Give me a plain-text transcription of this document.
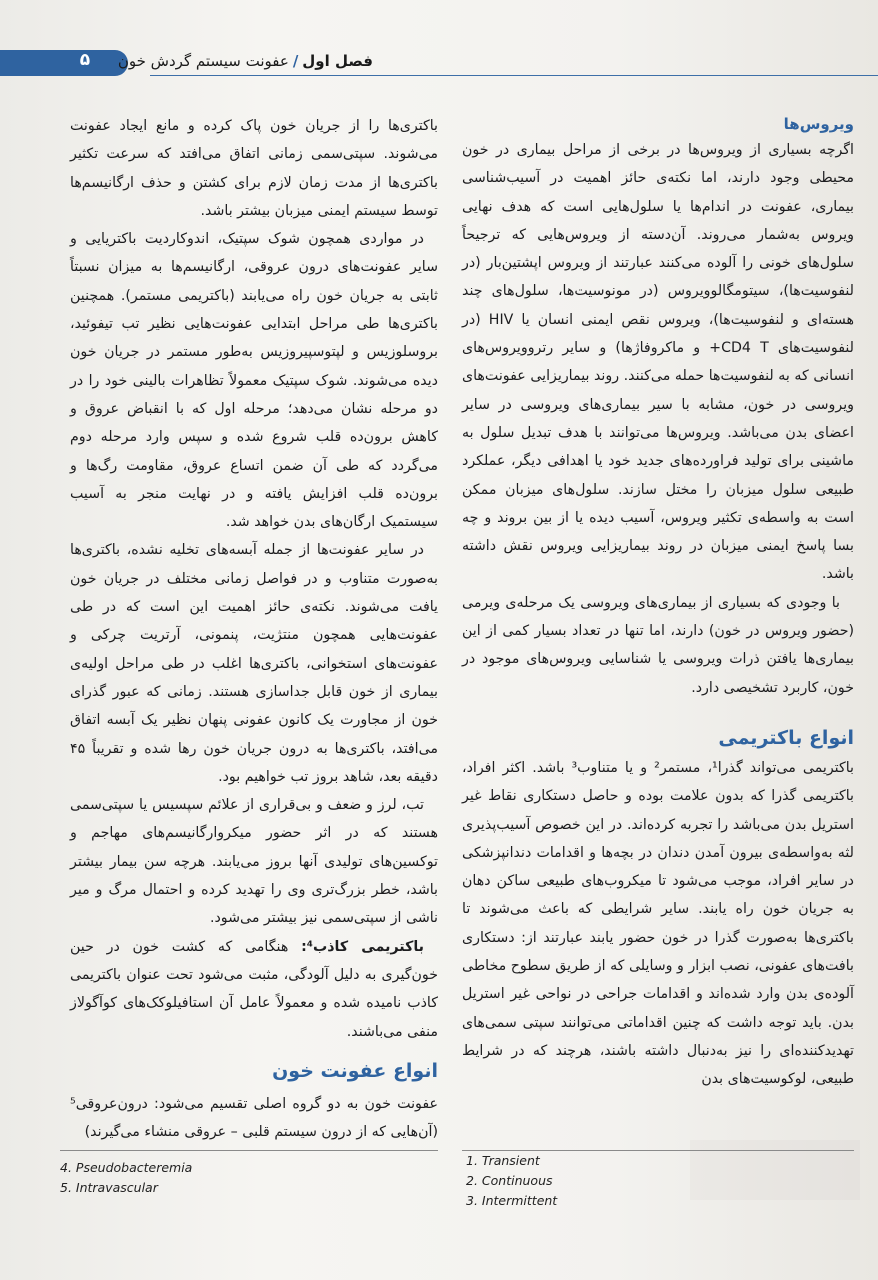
۵	فصل اول/عفونت سیستم گردش خون
ویروس‌ها

اگرچه بسیاری از ویروس‌ها در برخی از مراحل بیماری در خون محیطی وجود دارند، اما نکته‌ی حائز اهمیت در آسیب‌شناسی بیماری، عفونت در اندام‌ها یا سلول‌هایی است که هدف نهایی ویروس به‌شمار می‌روند. آن‌دسته از ویروس‌هایی که ترجیحاً سلول‌های خونی را آلوده می‌کنند عبارتند از ویروس اپشتین‌بار (در لنفوسیت‌ها)، سیتومگالوویروس (در مونوسیت‌ها، سلول‌های چند هسته‌ای و لنفوسیت‌ها)، ویروس نقص ایمنی انسان یا HIV (در لنفوسیت‌های CD4 T+ و ماکروفاژها) و سایر رتروویروس‌های انسانی که به لنفوسیت‌ها حمله می‌کنند. روند بیماریزایی عفونت‌های ویروسی در خون، مشابه با سیر بیماری‌های ویروسی در سایر اعضای بدن می‌باشد. ویروس‌ها می‌توانند با هدف تبدیل سلول به ماشینی برای تولید فراورده‌های جدید خود یا اهدافی دیگر، عملکرد طبیعی سلول میزبان را مختل سازند. سلول‌های میزبان ممکن است به واسطه‌ی تکثیر ویروس، آسیب دیده یا از بین بروند و چه بسا پاسخ ایمنی میزبان در روند بیماریزایی ویروس نقش داشته باشد.

با وجودی که بسیاری از بیماری‌های ویروسی یک مرحله‌ی ویرمی (حضور ویروس در خون) دارند، اما تنها در تعداد بسیار کمی از این بیماری‌ها یافتن ذرات ویروسی یا شناسایی ویروس‌های موجود در خون، کاربرد تشخیصی دارد.

انواع باکتریمی

باکتریمی می‌تواند گذرا¹، مستمر² و یا متناوب³ باشد. اکثر افراد، باکتریمی گذرا که بدون علامت بوده و حاصل دستکاری نقاط غیر استریل بدن می‌باشد را تجربه کرده‌اند. در این خصوص آسیب‌پذیری لثه به‌واسطه‌ی بیرون آمدن دندان در بچه‌ها و اقدامات دندانپزشکی در سایر افراد، موجب می‌شود تا میکروب‌های طبیعی ساکن دهان به جریان خون راه یابند. سایر شرایطی که باعث می‌شوند تا باکتری‌ها به‌صورت گذرا در خون حضور یابند عبارتند از: دستکاری بافت‌های عفونی، نصب ابزار و وسایلی که از طریق سطوح مخاطی آلوده‌ی بدن وارد شده‌اند و اقدامات جراحی در نواحی غیر استریل بدن. باید توجه داشت که چنین اقداماتی می‌توانند سپتی سمی‌های تهدیدکننده‌ای را نیز به‌دنبال داشته باشند، هرچند که در شرایط طبیعی، لوکوسیت‌های بدن

باکتری‌ها را از جریان خون پاک کرده و مانع ایجاد عفونت می‌شوند. سپتی‌سمی زمانی اتفاق می‌افتد که سرعت تکثیر باکتری‌ها از مدت زمان لازم برای کشتن و حذف ارگانیسم‌ها توسط سیستم ایمنی میزبان بیشتر باشد.

در مواردی همچون شوک سپتیک، اندوکاردیت باکتریایی و سایر عفونت‌های درون عروقی، ارگانیسم‌ها به میزان نسبتاً ثابتی به جریان خون راه می‌یابند (باکتریمی مستمر). همچنین باکتری‌ها طی مراحل ابتدایی عفونت‌هایی نظیر تب تیفوئید، بروسلوزیس و لپتوسپیروزیس به‌طور مستمر در جریان خون دیده می‌شوند. شوک سپتیک معمولاً تظاهرات بالینی خود را در دو مرحله نشان می‌دهد؛ مرحله اول که با انقباض عروق و کاهش برون‌ده قلب شروع شده و سپس وارد مرحله دوم می‌گردد که طی آن ضمن اتساع عروق، مقاومت رگ‌ها و برون‌ده قلب افزایش یافته و در نهایت منجر به آسیب سیستمیک ارگان‌های بدن خواهد شد.

در سایر عفونت‌ها از جمله آبسه‌های تخلیه نشده، باکتری‌ها به‌صورت متناوب و در فواصل زمانی مختلف در جریان خون یافت می‌شوند. نکته‌ی حائز اهمیت این است که در طی عفونت‌هایی همچون منتژیت، پنمونی، آرتریت چرکی و عفونت‌های استخوانی، باکتری‌ها اغلب در طی مراحل اولیه‌ی بیماری از خون قابل جداسازی هستند. زمانی که عبور گذرای خون از مجاورت یک کانون عفونی پنهان نظیر یک آبسه اتفاق می‌افتد، باکتری‌ها به درون جریان خون رها شده و تقریباً ۴۵ دقیقه بعد، شاهد بروز تب خواهیم بود.

تب، لرز و ضعف و بی‌قراری از علائم سپسیس یا سپتی‌سمی هستند که در اثر حضور میکروارگانیسم‌های مهاجم و توکسین‌های تولیدی آنها بروز می‌یابند. هرچه سن بیمار بیشتر باشد، خطر بزرگ‌تری وی را تهدید کرده و احتمال مرگ و میر ناشی از سپتی‌سمی نیز بیشتر می‌شود.

باکتریمی کاذب⁴: هنگامی که کشت خون در حین خون‌گیری به دلیل آلودگی، مثبت می‌شود تحت عنوان باکتریمی کاذب نامیده شده و معمولاً عامل آن استافیلوکک‌های کوآگولاز منفی می‌باشند.

انواع عفونت خون

عفونت خون به دو گروه اصلی تقسیم می‌شود: درون‌عروقی⁵ (آن‌هایی که از درون سیستم قلبی – عروقی منشاء می‌گیرند)

4. Pseudobacteremia
5. Intravascular
1. Transient
2. Continuous
3. Intermittent
